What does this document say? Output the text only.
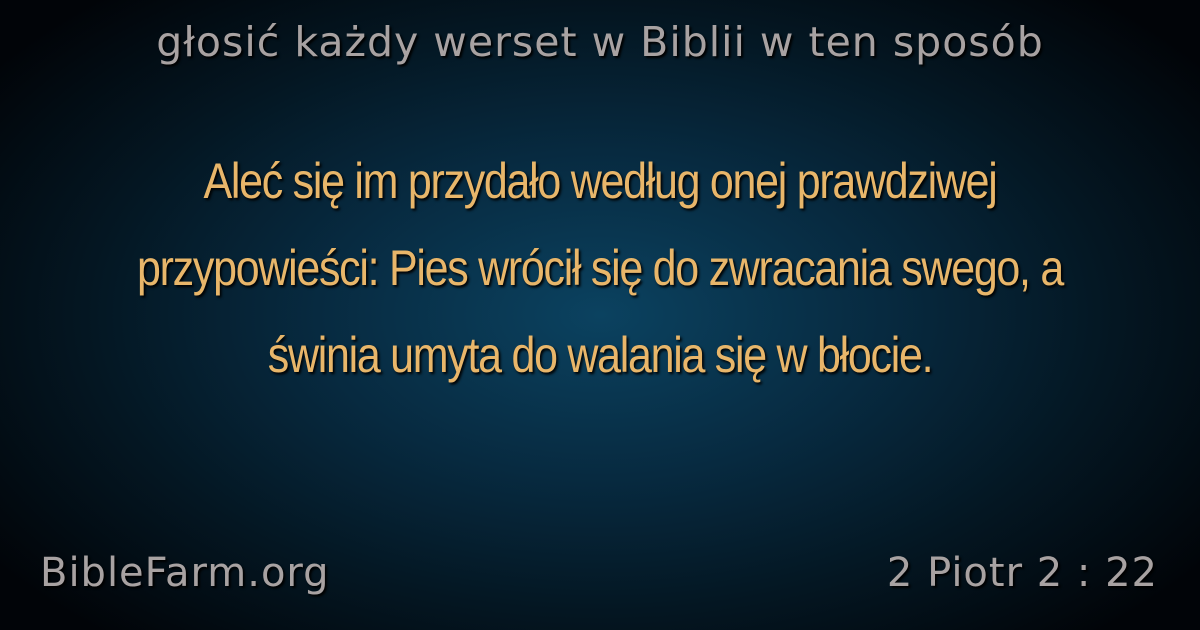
głosić każdy werset w Biblii w ten sposób
Aleć się im przydało według onej prawdziwej przypowieści: Pies wrócił się do zwracania swego, a świnia umyta do walania się w błocie.
BibleFarm.org	2 Piotr 2 : 22
